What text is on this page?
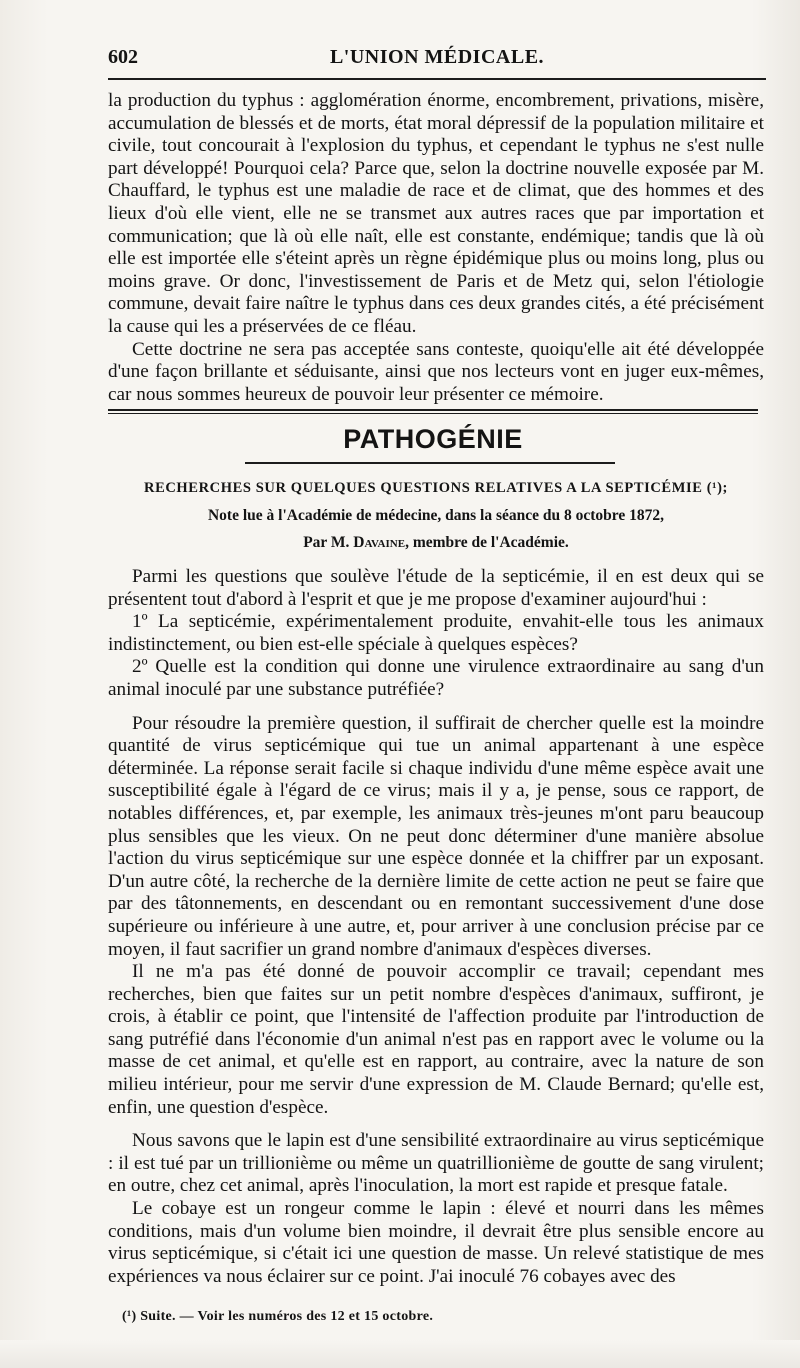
602	L'UNION MÉDICALE.

la production du typhus : agglomération énorme, encombrement, privations, misère, accumulation de blessés et de morts, état moral dépressif de la population militaire et civile, tout concourait à l'explosion du typhus, et cependant le typhus ne s'est nulle part développé! Pourquoi cela? Parce que, selon la doctrine nouvelle exposée par M. Chauffard, le typhus est une maladie de race et de climat, que des hommes et des lieux d'où elle vient, elle ne se transmet aux autres races que par importation et communication; que là où elle naît, elle est constante, endémique; tandis que là où elle est importée elle s'éteint après un règne épidémique plus ou moins long, plus ou moins grave. Or donc, l'investissement de Paris et de Metz qui, selon l'étiologie commune, devait faire naître le typhus dans ces deux grandes cités, a été précisément la cause qui les a préservées de ce fléau.

Cette doctrine ne sera pas acceptée sans conteste, quoiqu'elle ait été développée d'une façon brillante et séduisante, ainsi que nos lecteurs vont en juger eux-mêmes, car nous sommes heureux de pouvoir leur présenter ce mémoire.

PATHOGÉNIE
RECHERCHES SUR QUELQUES QUESTIONS RELATIVES A LA SEPTICÉMIE (¹);
Note lue à l'Académie de médecine, dans la séance du 8 octobre 1872,
Par M. Davaine, membre de l'Académie.

Parmi les questions que soulève l'étude de la septicémie, il en est deux qui se présentent tout d'abord à l'esprit et que je me propose d'examiner aujourd'hui :

1º La septicémie, expérimentalement produite, envahit-elle tous les animaux indistinctement, ou bien est-elle spéciale à quelques espèces?

2º Quelle est la condition qui donne une virulence extraordinaire au sang d'un animal inoculé par une substance putréfiée?

Pour résoudre la première question, il suffirait de chercher quelle est la moindre quantité de virus septicémique qui tue un animal appartenant à une espèce déterminée. La réponse serait facile si chaque individu d'une même espèce avait une susceptibilité égale à l'égard de ce virus; mais il y a, je pense, sous ce rapport, de notables différences, et, par exemple, les animaux très-jeunes m'ont paru beaucoup plus sensibles que les vieux. On ne peut donc déterminer d'une manière absolue l'action du virus septicémique sur une espèce donnée et la chiffrer par un exposant. D'un autre côté, la recherche de la dernière limite de cette action ne peut se faire que par des tâtonnements, en descendant ou en remontant successivement d'une dose supérieure ou inférieure à une autre, et, pour arriver à une conclusion précise par ce moyen, il faut sacrifier un grand nombre d'animaux d'espèces diverses.

Il ne m'a pas été donné de pouvoir accomplir ce travail; cependant mes recherches, bien que faites sur un petit nombre d'espèces d'animaux, suffiront, je crois, à établir ce point, que l'intensité de l'affection produite par l'introduction de sang putréfié dans l'économie d'un animal n'est pas en rapport avec le volume ou la masse de cet animal, et qu'elle est en rapport, au contraire, avec la nature de son milieu intérieur, pour me servir d'une expression de M. Claude Bernard; qu'elle est, enfin, une question d'espèce.

Nous savons que le lapin est d'une sensibilité extraordinaire au virus septicémique : il est tué par un trillionième ou même un quatrillionième de goutte de sang virulent; en outre, chez cet animal, après l'inoculation, la mort est rapide et presque fatale.

Le cobaye est un rongeur comme le lapin : élevé et nourri dans les mêmes conditions, mais d'un volume bien moindre, il devrait être plus sensible encore au virus septicémique, si c'était ici une question de masse. Un relevé statistique de mes expériences va nous éclairer sur ce point. J'ai inoculé 76 cobayes avec des

(¹) Suite. — Voir les numéros des 12 et 15 octobre.
